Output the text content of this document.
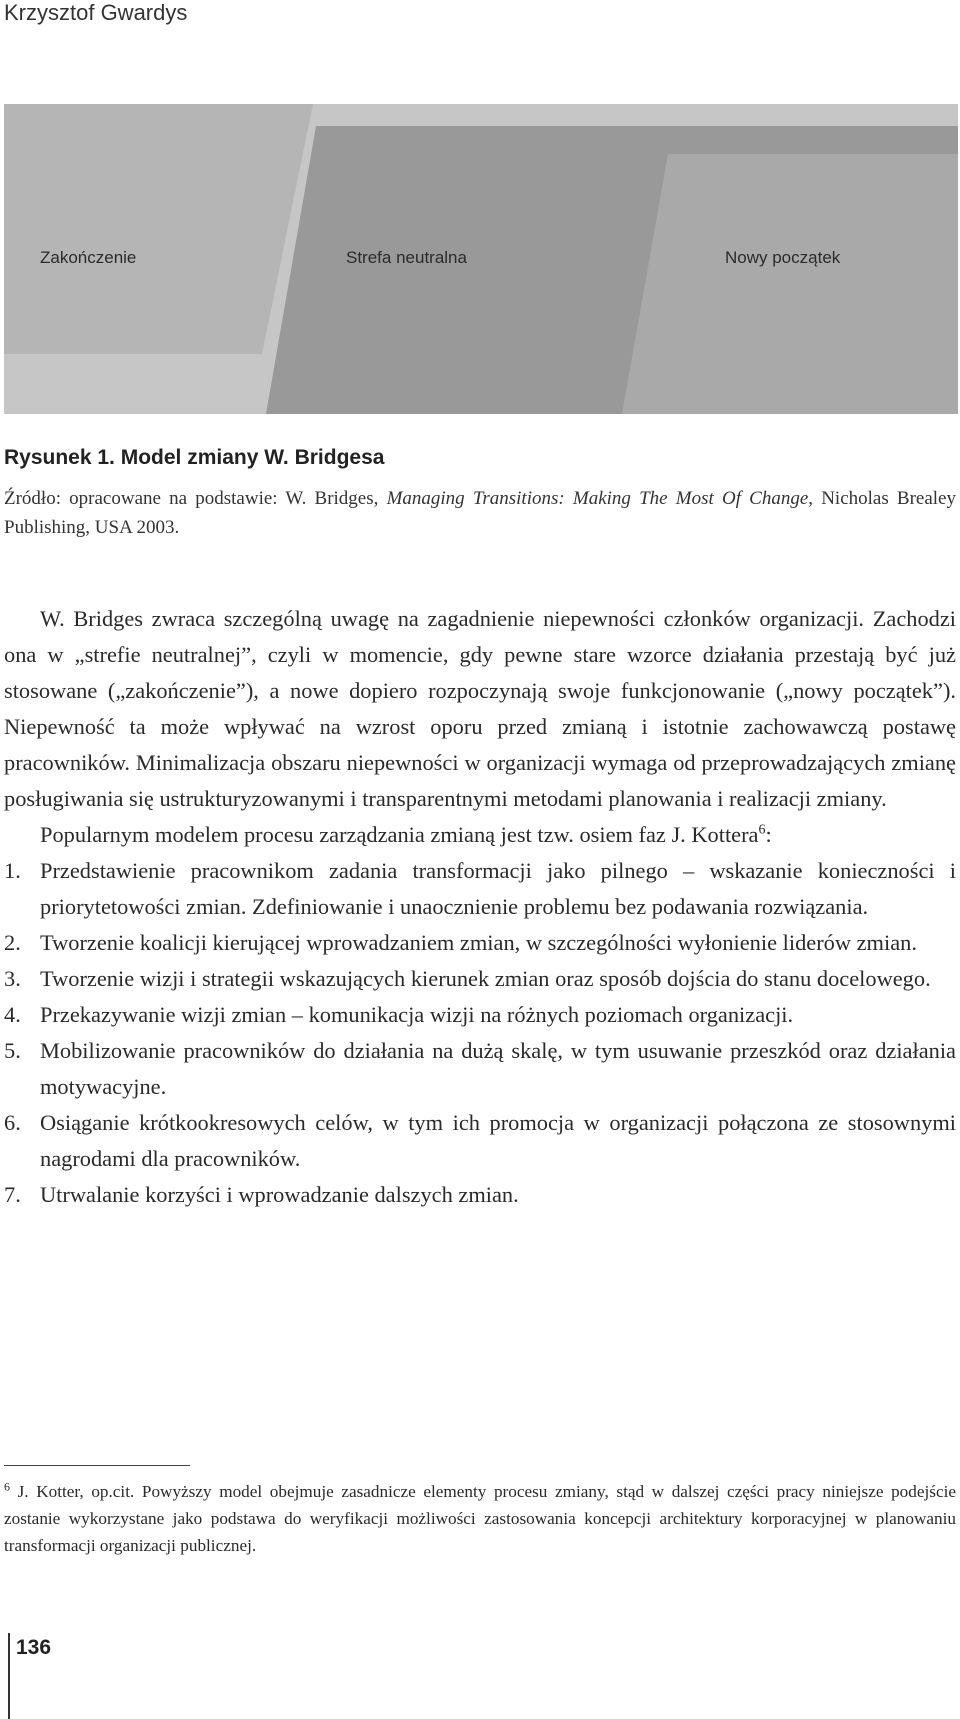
Krzysztof Gwardys
Zakończenie	Strefa neutralna	Nowy początek
Rysunek 1. Model zmiany W. Bridgesa
Źródło: opracowane na podstawie: W. Bridges, Managing Transitions: Making The Most Of Change, Nicholas Brealey Publishing, USA 2003.

W. Bridges zwraca szczególną uwagę na zagadnienie niepewności członków organizacji. Zachodzi ona w „strefie neutralnej”, czyli w momencie, gdy pewne stare wzorce działania przestają być już stosowane („zakończenie”), a nowe dopiero rozpoczynają swoje funkcjonowanie („nowy początek”). Niepewność ta może wpływać na wzrost oporu przed zmianą i istotnie zachowawczą postawę pracowników. Minimalizacja obszaru niepewności w organizacji wymaga od przeprowadzających zmianę posługiwania się ustrukturyzowanymi i transparentnymi metodami planowania i realizacji zmiany.

Popularnym modelem procesu zarządzania zmianą jest tzw. osiem faz J. Kottera$^6$:

1. Przedstawienie pracownikom zadania transformacji jako pilnego – wskazanie konieczności i priorytetowości zmian. Zdefiniowanie i unaocznienie problemu bez podawania rozwiązania.
2. Tworzenie koalicji kierującej wprowadzaniem zmian, w szczególności wyłonienie liderów zmian.
3. Tworzenie wizji i strategii wskazujących kierunek zmian oraz sposób dojścia do stanu docelowego.
4. Przekazywanie wizji zmian – komunikacja wizji na różnych poziomach organizacji.
5. Mobilizowanie pracowników do działania na dużą skalę, w tym usuwanie przeszkód oraz działania motywacyjne.
6. Osiąganie krótkookresowych celów, w tym ich promocja w organizacji połączona ze stosownymi nagrodami dla pracowników.
7. Utrwalanie korzyści i wprowadzanie dalszych zmian.
$^6$ J. Kotter, op.cit. Powyższy model obejmuje zasadnicze elementy procesu zmiany, stąd w dalszej części pracy niniejsze podejście zostanie wykorzystane jako podstawa do weryfikacji możliwości zastosowania koncepcji architektury korporacyjnej w planowaniu transformacji organizacji publicznej.
136
